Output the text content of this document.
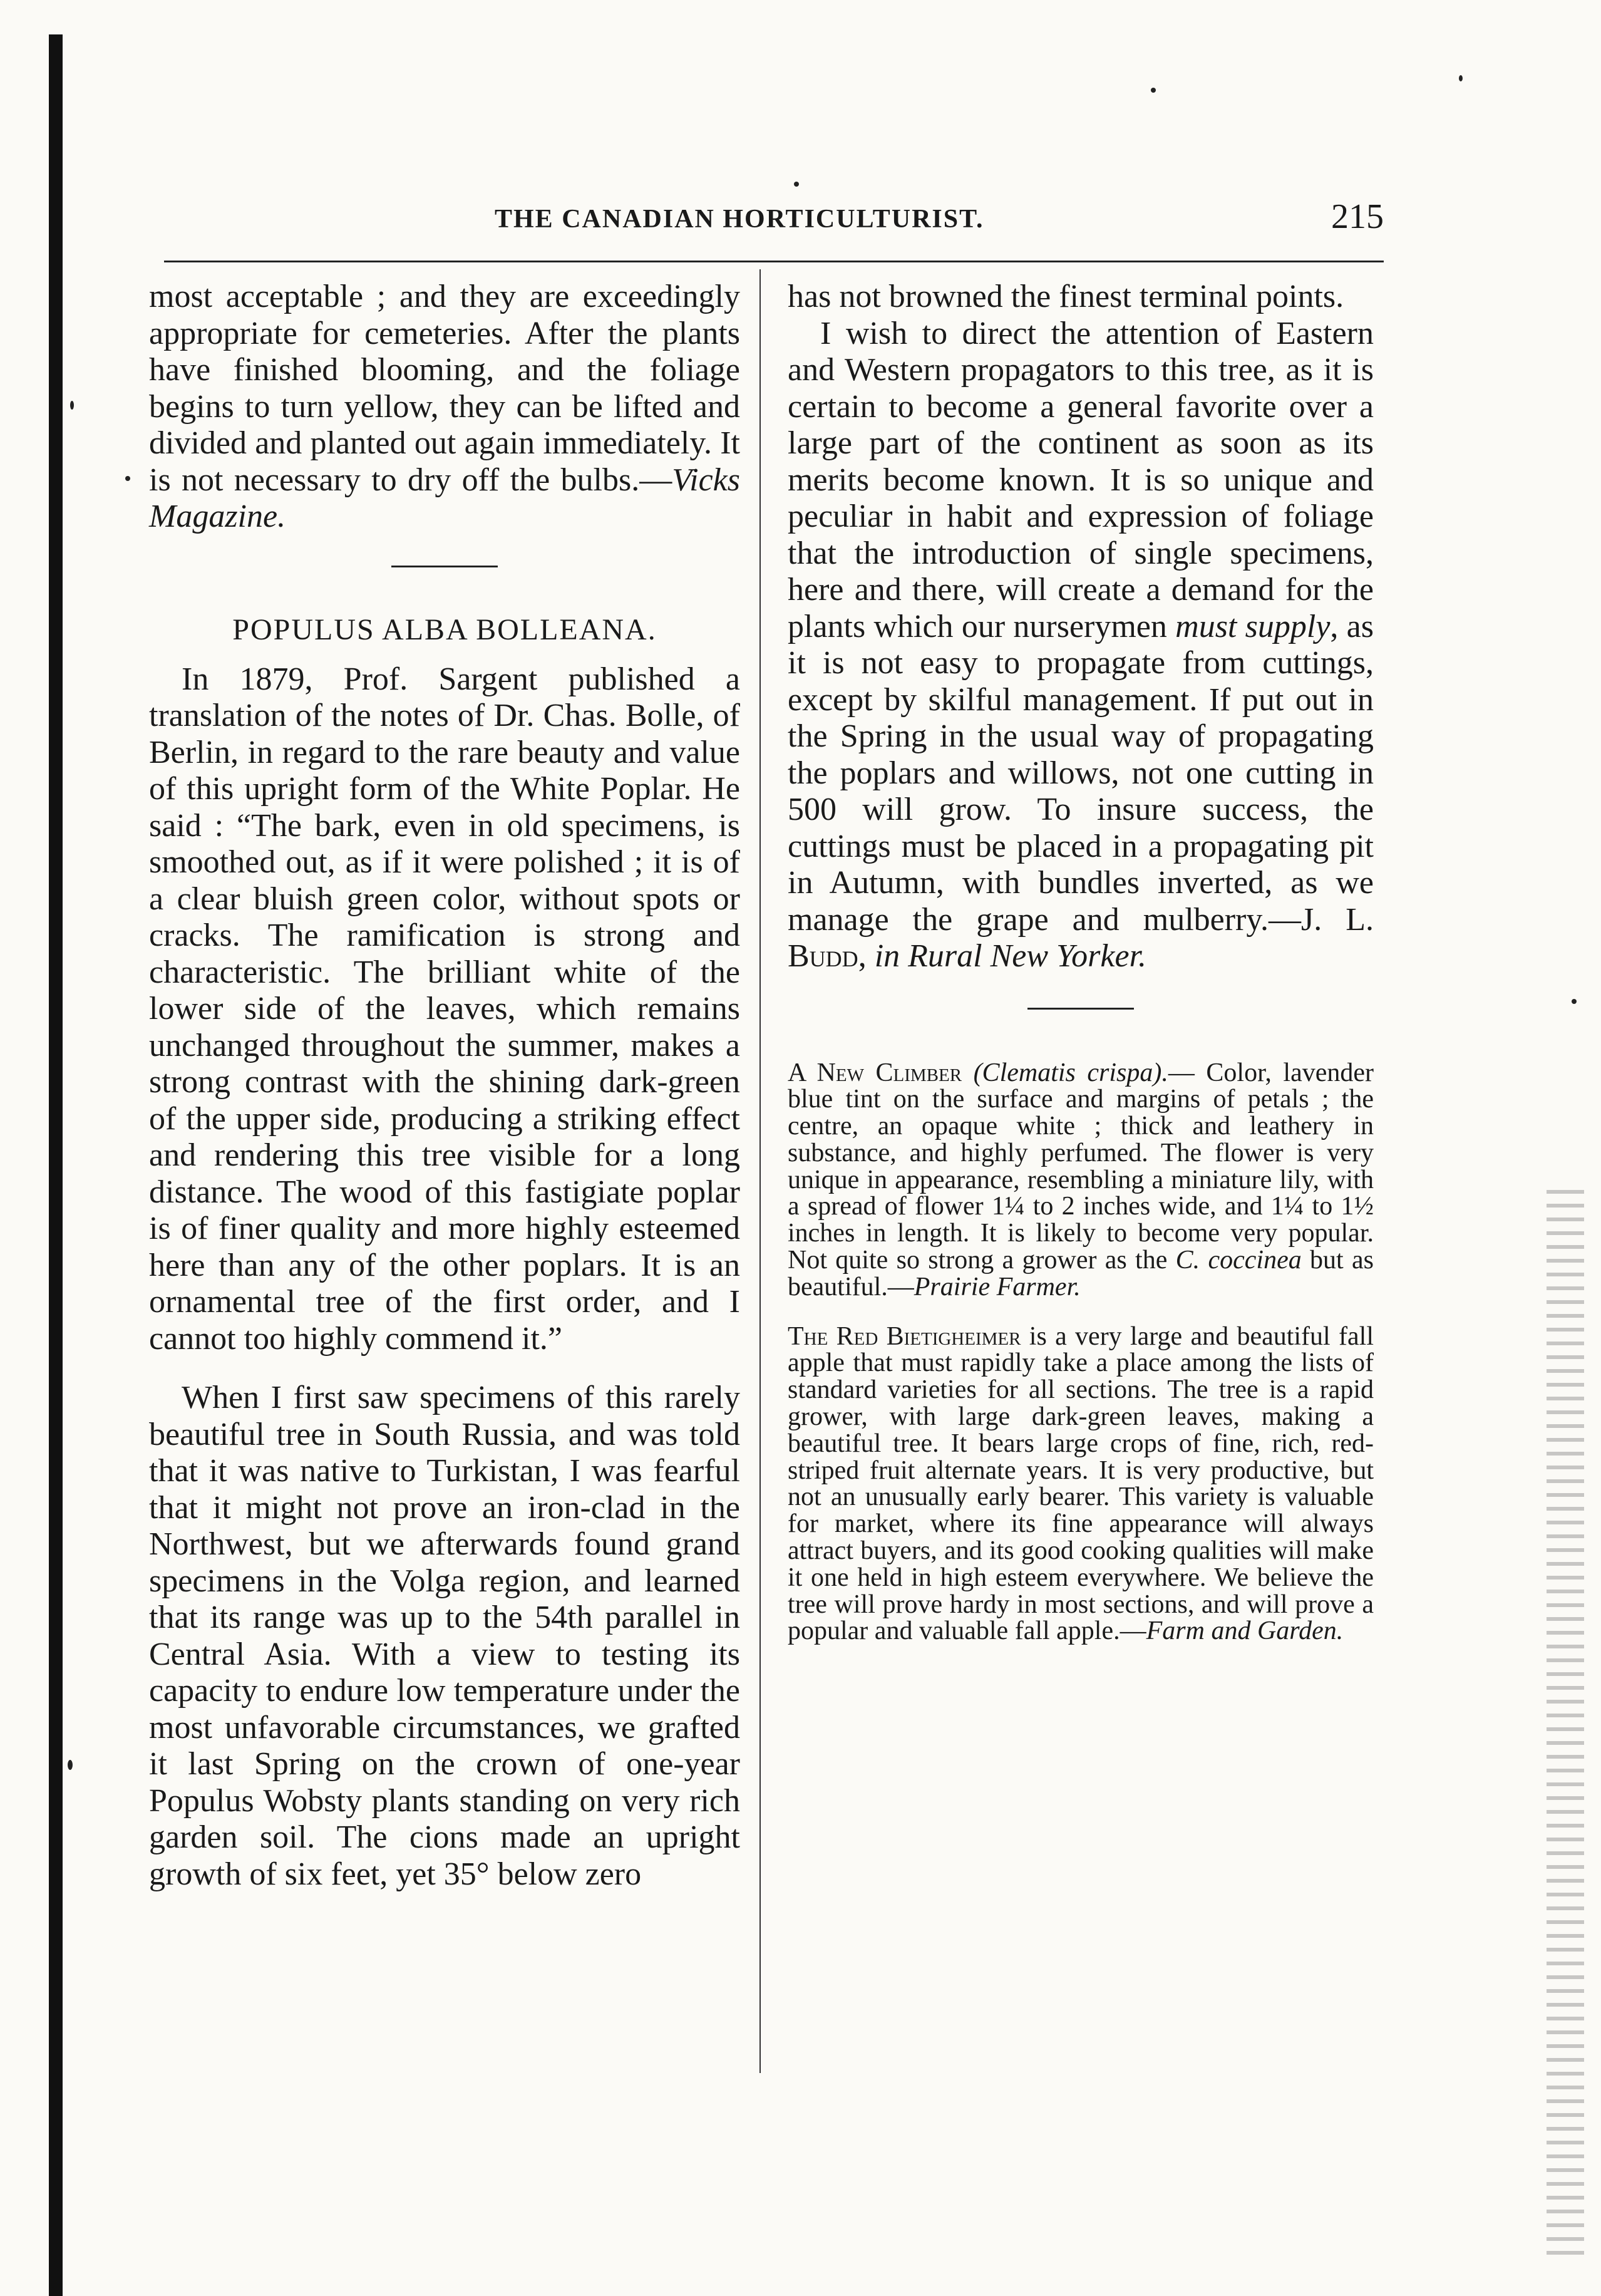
THE CANADIAN HORTICULTURIST.	215

most acceptable ; and they are exceedingly appropriate for cemeteries. After the plants have finished blooming, and the foliage begins to turn yellow, they can be lifted and divided and planted out again immediately. It is not necessary to dry off the bulbs.—Vicks Magazine.

POPULUS ALBA BOLLEANA.

In 1879, Prof. Sargent published a translation of the notes of Dr. Chas. Bolle, of Berlin, in regard to the rare beauty and value of this upright form of the White Poplar. He said : “The bark, even in old specimens, is smoothed out, as if it were polished ; it is of a clear bluish green color, without spots or cracks. The ramification is strong and characteristic. The brilliant white of the lower side of the leaves, which remains unchanged throughout the summer, makes a strong contrast with the shining dark-green of the upper side, producing a striking effect and rendering this tree visible for a long distance. The wood of this fastigiate poplar is of finer quality and more highly esteemed here than any of the other poplars. It is an ornamental tree of the first order, and I cannot too highly commend it.”

When I first saw specimens of this rarely beautiful tree in South Russia, and was told that it was native to Turkistan, I was fearful that it might not prove an iron-clad in the Northwest, but we afterwards found grand specimens in the Volga region, and learned that its range was up to the 54th parallel in Central Asia. With a view to testing its capacity to endure low temperature under the most unfavorable circumstances, we grafted it last Spring on the crown of one-year Populus Wobsty plants standing on very rich garden soil. The cions made an upright growth of six feet, yet 35° below zero

has not browned the finest terminal points.

I wish to direct the attention of Eastern and Western propagators to this tree, as it is certain to become a general favorite over a large part of the continent as soon as its merits become known. It is so unique and peculiar in habit and expression of foliage that the introduction of single specimens, here and there, will create a demand for the plants which our nurserymen must supply, as it is not easy to propagate from cuttings, except by skilful management. If put out in the Spring in the usual way of propagating the poplars and willows, not one cutting in 500 will grow. To insure success, the cuttings must be placed in a propagating pit in Autumn, with bundles inverted, as we manage the grape and mulberry.—J. L. Budd, in Rural New Yorker.

A New Climber (Clematis crispa).— Color, lavender blue tint on the surface and margins of petals ; the centre, an opaque white ; thick and leathery in substance, and highly perfumed. The flower is very unique in appearance, resembling a miniature lily, with a spread of flower 1¼ to 2 inches wide, and 1¼ to 1½ inches in length. It is likely to become very popular. Not quite so strong a grower as the C. coccinea but as beautiful.—Prairie Farmer.

The Red Bietigheimer is a very large and beautiful fall apple that must rapidly take a place among the lists of standard varieties for all sections. The tree is a rapid grower, with large dark-green leaves, making a beautiful tree. It bears large crops of fine, rich, red-striped fruit alternate years. It is very productive, but not an unusually early bearer. This variety is valuable for market, where its fine appearance will always attract buyers, and its good cooking qualities will make it one held in high esteem everywhere. We believe the tree will prove hardy in most sections, and will prove a popular and valuable fall apple.—Farm and Garden.
